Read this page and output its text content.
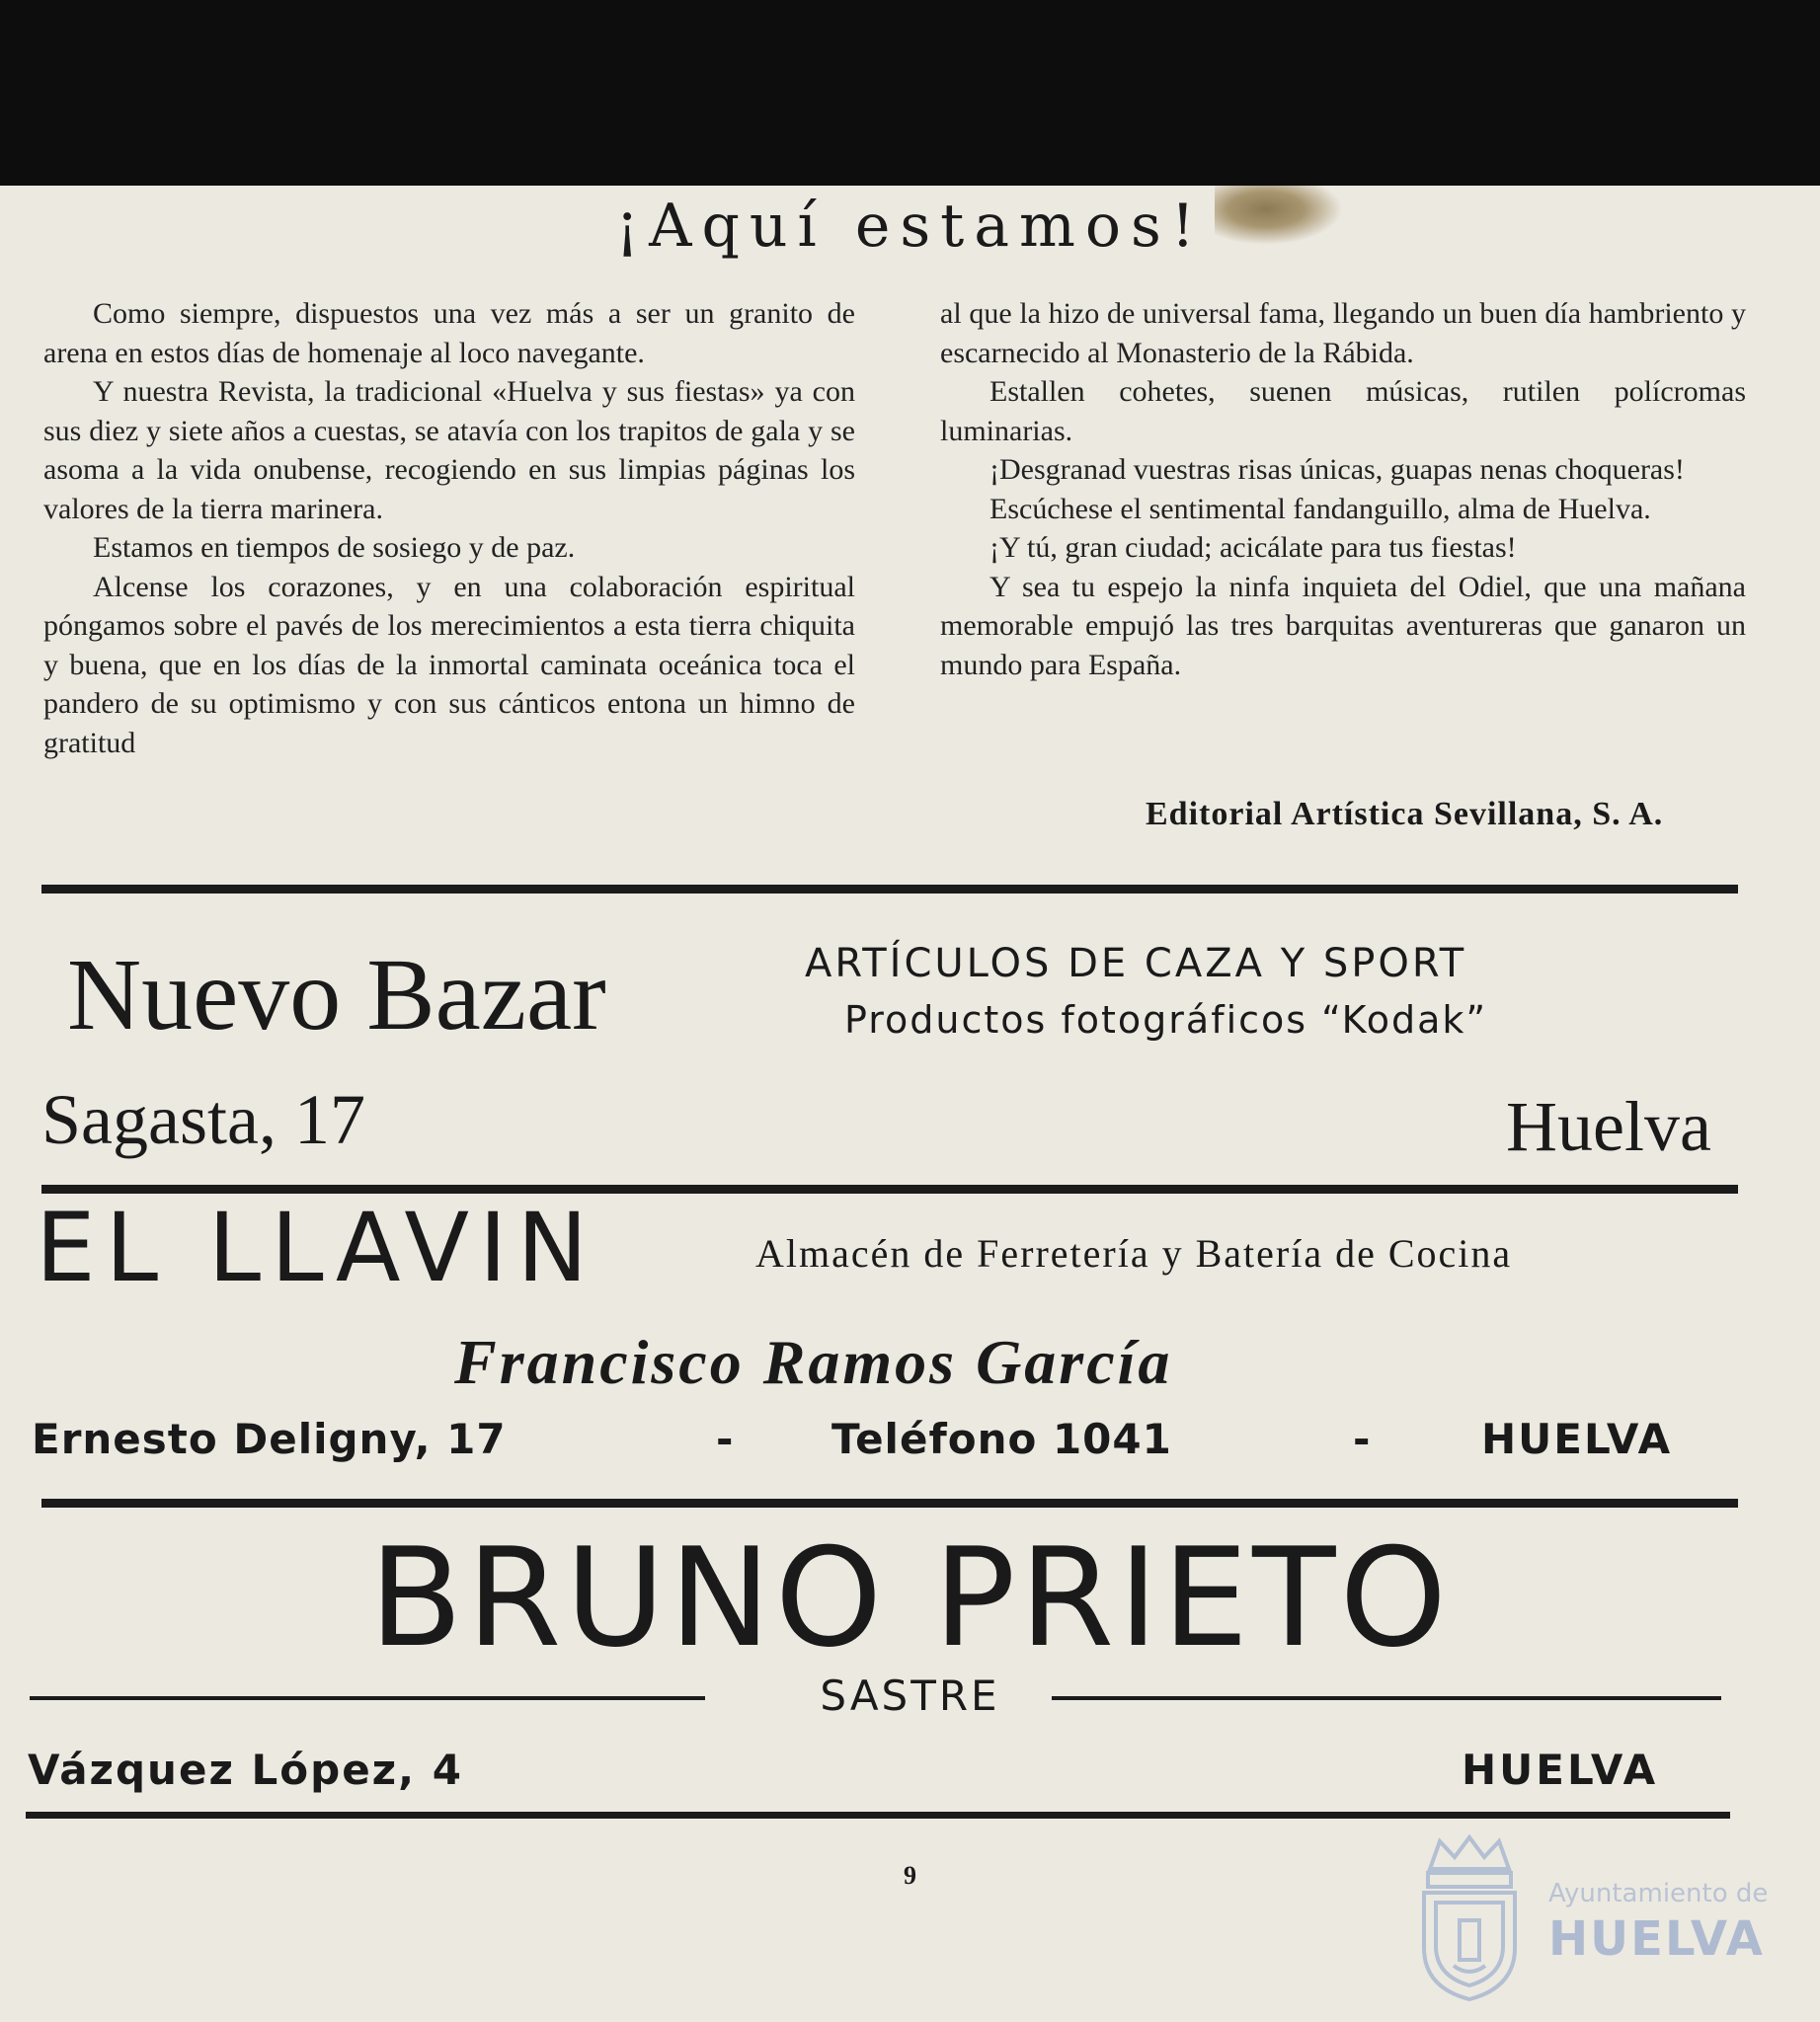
¡Aquí estamos!

Como siempre, dispuestos una vez más a ser un granito de arena en estos días de homenaje al loco navegante.

Y nuestra Revista, la tradicional «Huelva y sus fiestas» ya con sus diez y siete años a cuestas, se atavía con los trapitos de gala y se asoma a la vida onubense, recogiendo en sus limpias páginas los valores de la tierra marinera.

Estamos en tiempos de sosiego y de paz.

Alcense los corazones, y en una colaboración espiritual póngamos sobre el pavés de los merecimientos a esta tierra chiquita y buena, que en los días de la inmortal caminata oceánica toca el pandero de su optimismo y con sus cánticos entona un himno de gratitud

al que la hizo de universal fama, llegando un buen día hambriento y escarnecido al Monasterio de la Rábida.

Estallen cohetes, suenen músicas, rutilen polícromas luminarias.

¡Desgranad vuestras risas únicas, guapas nenas choqueras!

Escúchese el sentimental fandanguillo, alma de Huelva.

¡Y tú, gran ciudad; acicálate para tus fiestas!

Y sea tu espejo la ninfa inquieta del Odiel, que una mañana memorable empujó las tres barquitas aventureras que ganaron un mundo para España.

Editorial Artística Sevillana, S. A.
Nuevo Bazar	ARTÍCULOS DE CAZA Y SPORT
Productos fotográficos “Kodak”
Sagasta, 17	Huelva
EL LLAVIN	Almacén de Ferretería y Batería de Cocina
Francisco Ramos García
Ernesto Deligny, 17	- Teléfono 1041	-	HUELVA
BRUNO PRIETO
SASTRE
Vázquez López, 4	HUELVA
9
Ayuntamiento de
HUELVA
